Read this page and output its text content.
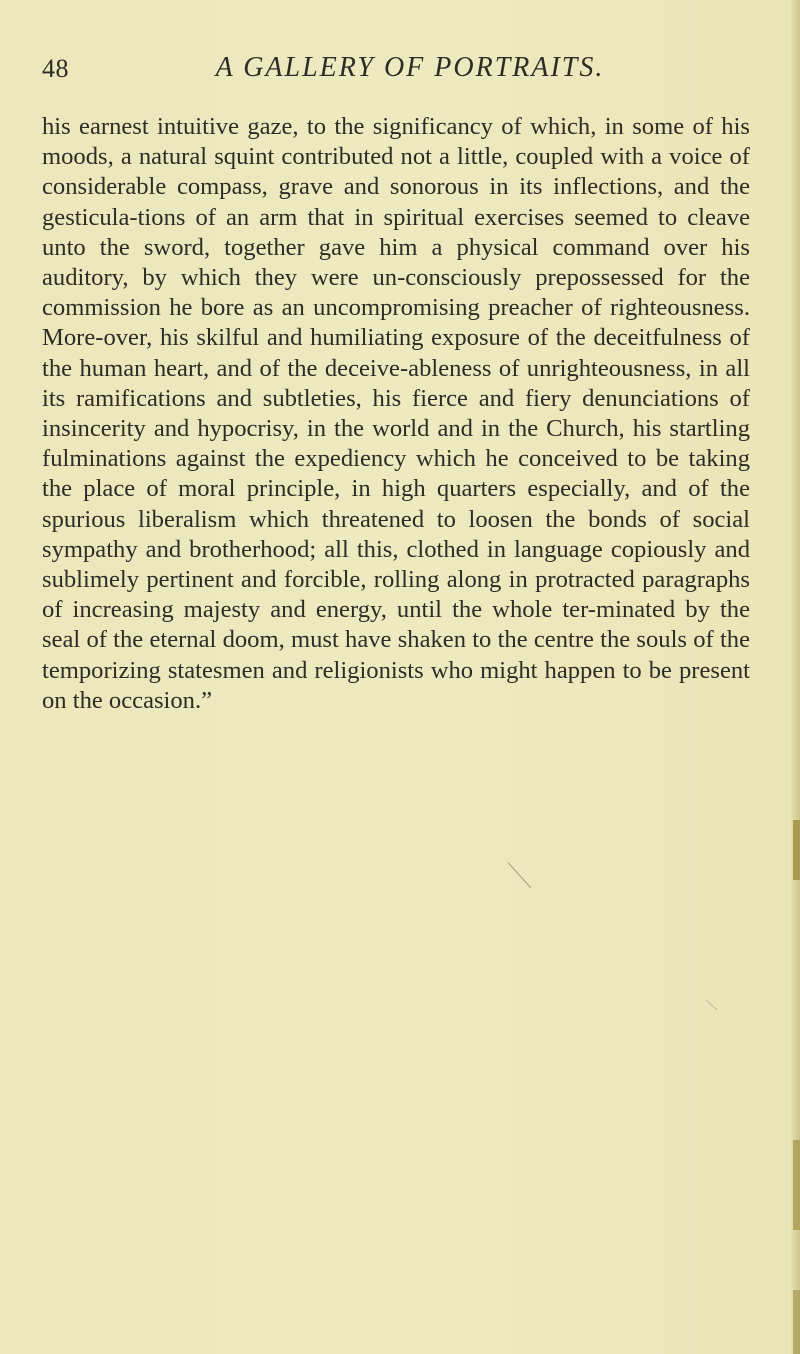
48	A GALLERY OF PORTRAITS.

his earnest intuitive gaze, to the significancy of which, in some of his moods, a natural squint contributed not a little, coupled with a voice of considerable compass, grave and sonorous in its inflections, and the gesticula-tions of an arm that in spiritual exercises seemed to cleave unto the sword, together gave him a physical command over his auditory, by which they were un-consciously prepossessed for the commission he bore as an uncompromising preacher of righteousness. More-over, his skilful and humiliating exposure of the deceitfulness of the human heart, and of the deceive-ableness of unrighteousness, in all its ramifications and subtleties, his fierce and fiery denunciations of insincerity and hypocrisy, in the world and in the Church, his startling fulminations against the expediency which he conceived to be taking the place of moral principle, in high quarters especially, and of the spurious liberalism which threatened to loosen the bonds of social sympathy and brotherhood; all this, clothed in language copiously and sublimely pertinent and forcible, rolling along in protracted paragraphs of increasing majesty and energy, until the whole ter-minated by the seal of the eternal doom, must have shaken to the centre the souls of the temporizing statesmen and religionists who might happen to be present on the occasion.”
